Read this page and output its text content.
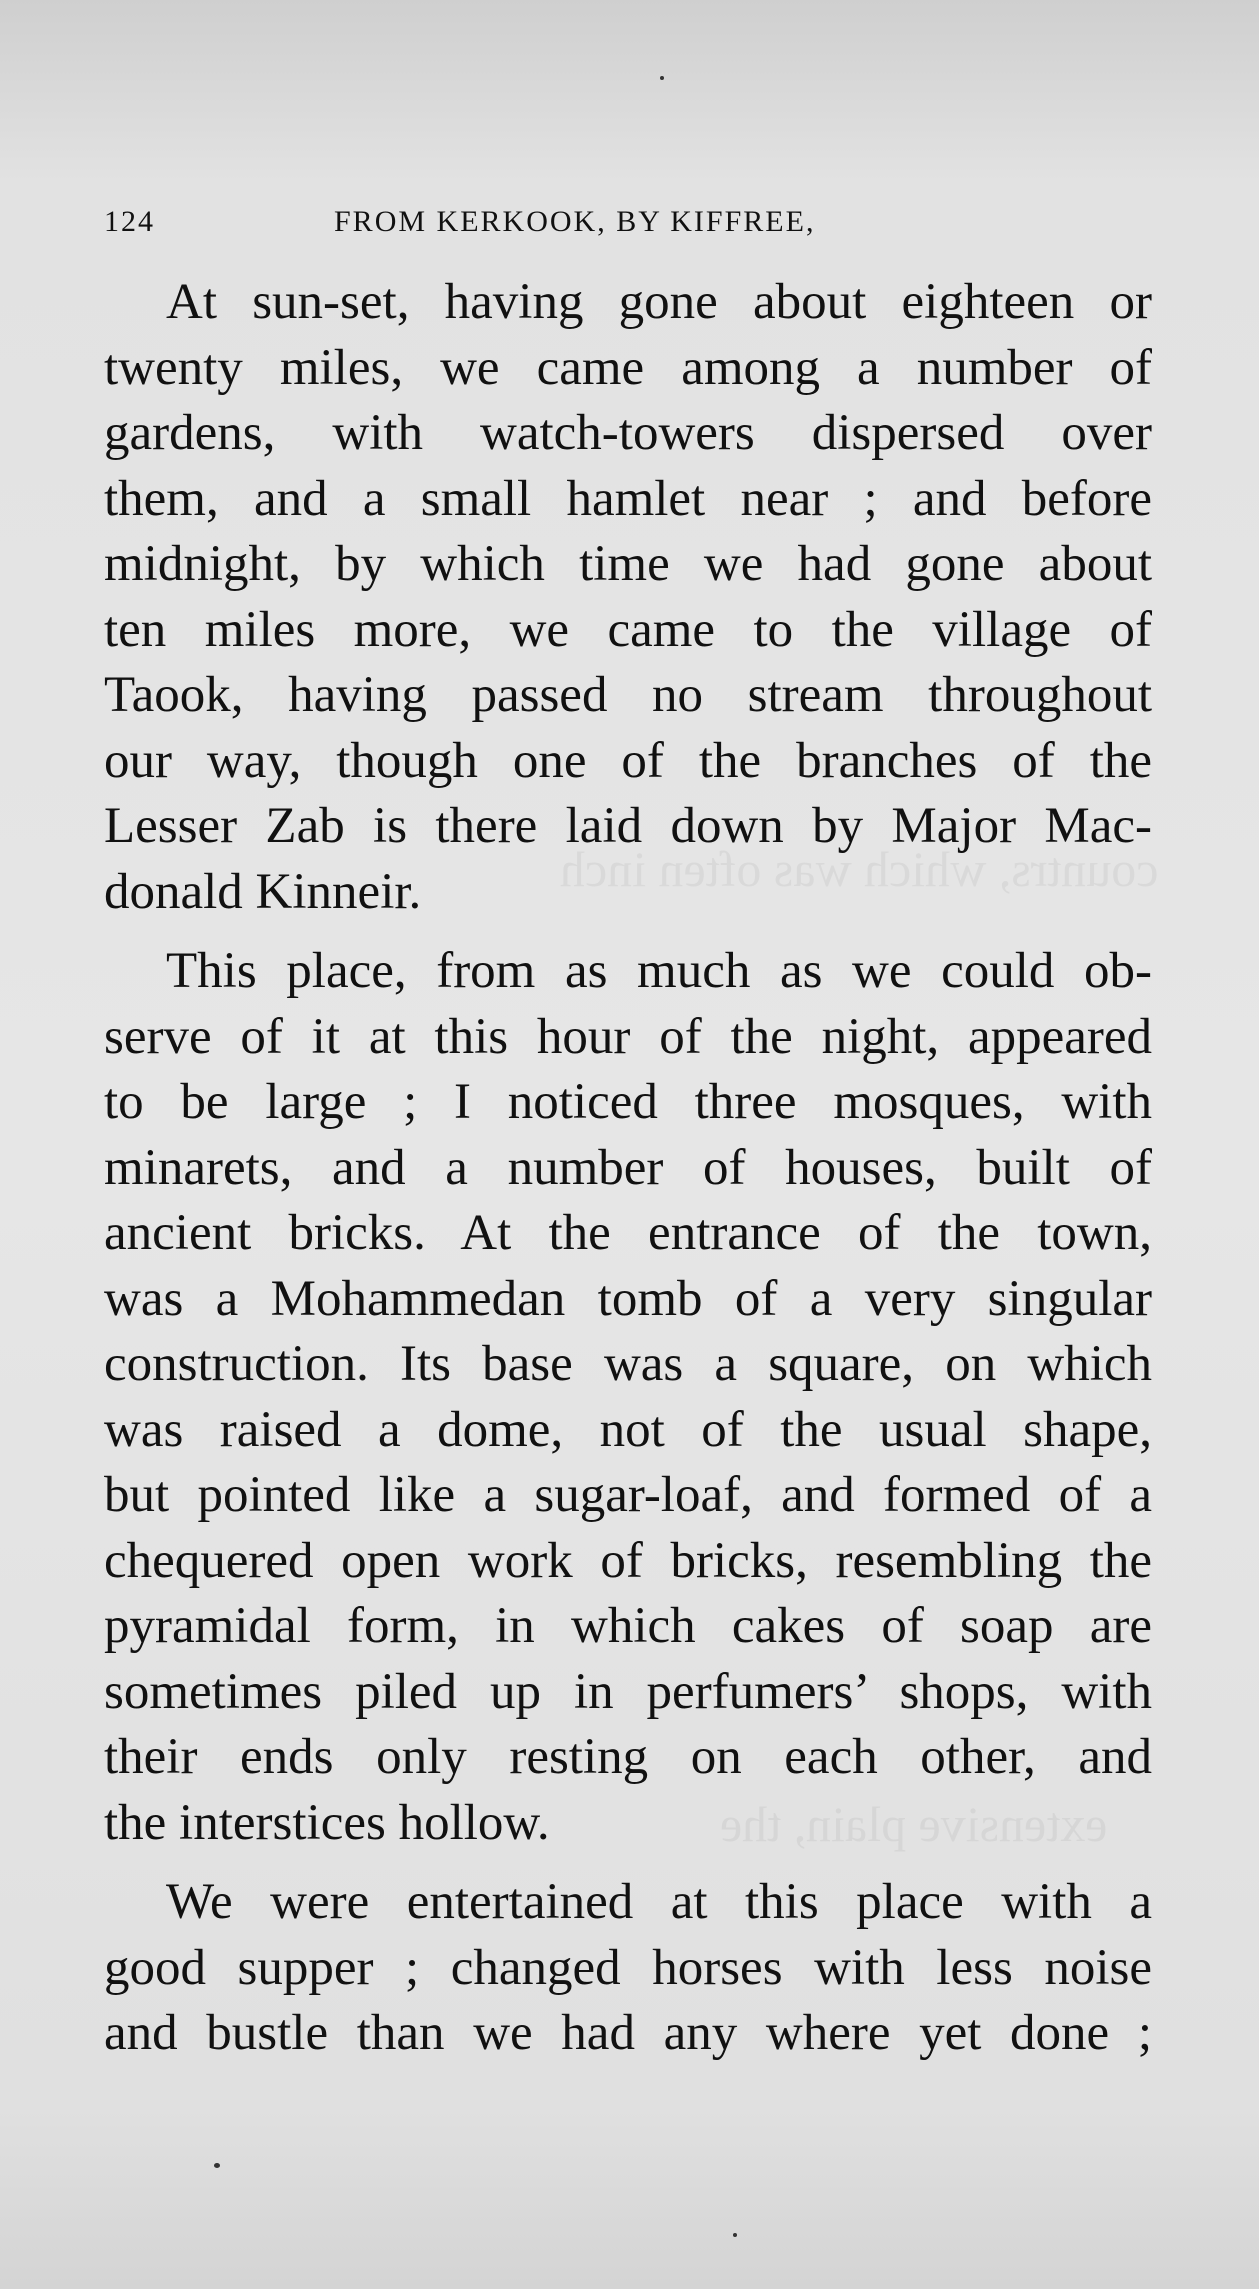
countrs, which was often inch
extensive plain, the
124	FROM KERKOOK, BY KIFFREE,
At sun-set, having gone about eighteen or
twenty miles, we came among a number of
gardens, with watch-towers dispersed over
them, and a small hamlet near ; and before
midnight, by which time we had gone about
ten miles more, we came to the village of
Taook, having passed no stream throughout
our way, though one of the branches of the
Lesser Zab is there laid down by Major Mac-
donald Kinneir.
This place, from as much as we could ob-
serve of it at this hour of the night, appeared
to be large ; I noticed three mosques, with
minarets, and a number of houses, built of
ancient bricks. At the entrance of the town,
was a Mohammedan tomb of a very singular
construction. Its base was a square, on which
was raised a dome, not of the usual shape,
but pointed like a sugar-loaf, and formed of a
chequered open work of bricks, resembling the
pyramidal form, in which cakes of soap are
sometimes piled up in perfumers’ shops, with
their ends only resting on each other, and
the interstices hollow.
We were entertained at this place with a
good supper ; changed horses with less noise
and bustle than we had any where yet done ;
